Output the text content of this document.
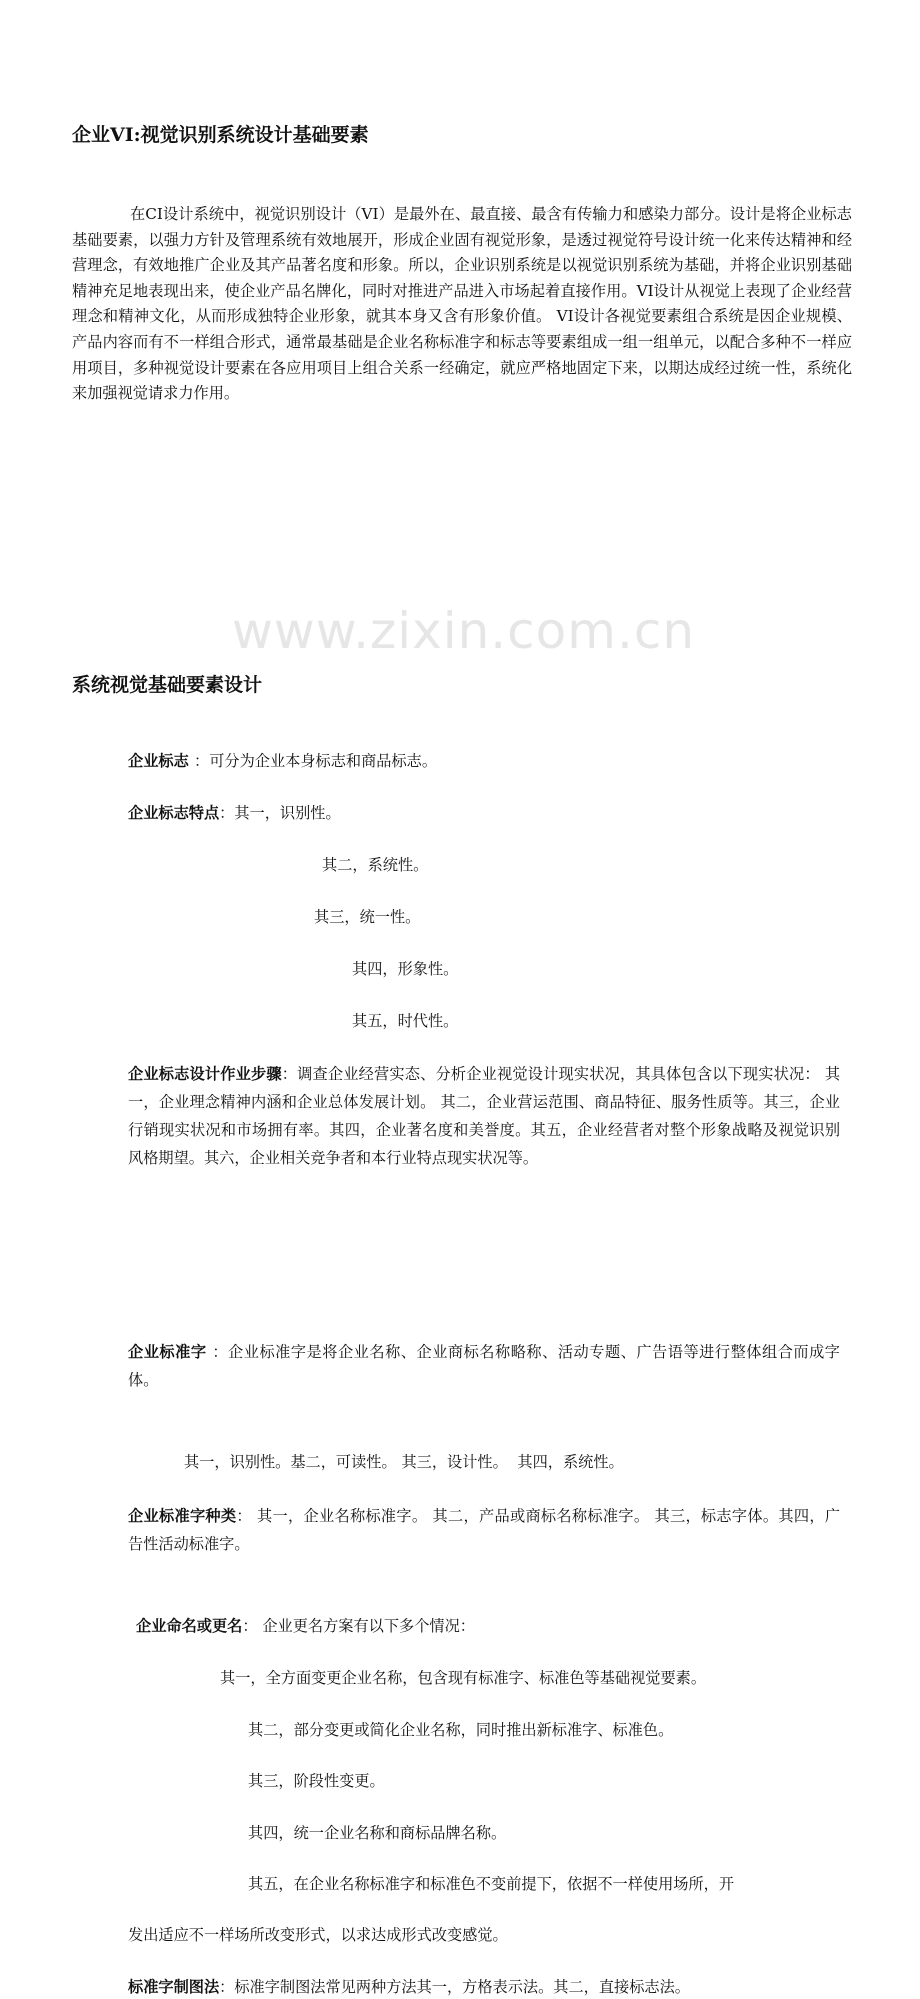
www.zixin.com.cn
企业VI:视觉识别系统设计基础要素

在CI设计系统中，视觉识别设计（VI）是最外在、最直接、最含有传输力和感染力部分。设计是将企业标志基础要素，以强力方针及管理系统有效地展开，形成企业固有视觉形象，是透过视觉符号设计统一化来传达精神和经营理念，有效地推广企业及其产品著名度和形象。所以，企业识别系统是以视觉识别系统为基础，并将企业识别基础精神充足地表现出来，使企业产品名牌化，同时对推进产品进入市场起着直接作用。VI设计从视觉上表现了企业经营理念和精神文化，从而形成独特企业形象，就其本身又含有形象价值。 VI设计各视觉要素组合系统是因企业规模、产品内容而有不一样组合形式，通常最基础是企业名称标准字和标志等要素组成一组一组单元，以配合多种不一样应用项目，多种视觉设计要素在各应用项目上组合关系一经确定，就应严格地固定下来，以期达成经过统一性，系统化来加强视觉请求力作用。

系统视觉基础要素设计
企业标志 ：可分为企业本身标志和商品标志。
企业标志特点：其一，识别性。
其二，系统性。
其三，统一性。
其四，形象性。
其五，时代性。

企业标志设计作业步骤：调查企业经营实态、分析企业视觉设计现实状况，其具体包含以下现实状况： 其一，企业理念精神内涵和企业总体发展计划。 其二，企业营运范围、商品特征、服务性质等。其三，企业行销现实状况和市场拥有率。其四，企业著名度和美誉度。其五，企业经营者对整个形象战略及视觉识别风格期望。其六，企业相关竞争者和本行业特点现实状况等。

企业标准字 ：企业标准字是将企业名称、企业商标名称略称、活动专题、广告语等进行整体组合而成字体。

其一，识别性。基二，可读性。 其三，设计性。  其四，系统性。

企业标准字种类： 其一，企业名称标准字。 其二，产品或商标名称标准字。 其三，标志字体。其四，广告性活动标准字。

企业命名或更名： 企业更名方案有以下多个情况：
其一，全方面变更企业名称，包含现有标准字、标准色等基础视觉要素。
其二，部分变更或简化企业名称，同时推出新标准字、标准色。
其三，阶段性变更。
其四，统一企业名称和商标品牌名称。
其五，在企业名称标准字和标准色不变前提下，依据不一样使用场所，开
发出适应不一样场所改变形式，以求达成形式改变感觉。
标准字制图法：标准字制图法常见两种方法其一，方格表示法。其二，直接标志法。
